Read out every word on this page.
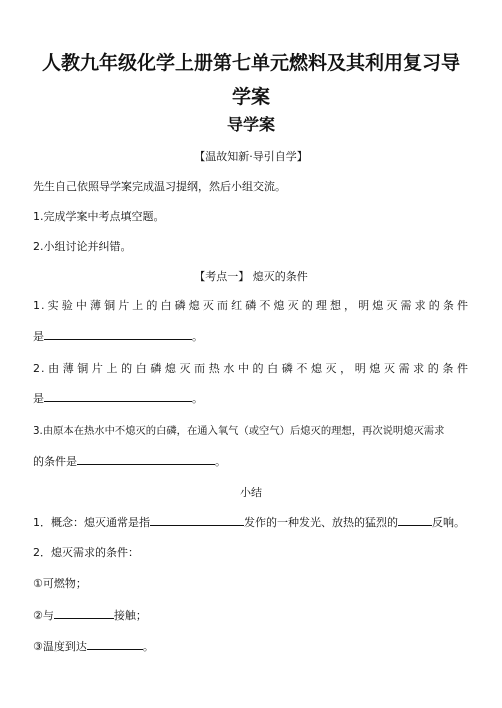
人教九年级化学上册第七单元燃料及其利用复习导
学案
导学案
【温故知新·导引自学】
先生自己依照导学案完成温习提纲，然后小组交流。
1.完成学案中考点填空题。
2.小组讨论并纠错。
【考点一】 熄灭的条件
1.实验中薄铜片上的白磷熄灭而红磷不熄灭的理想，明熄灭需求的条件
是	。
2.由薄铜片上的白磷熄灭而热水中的白磷不熄灭，明熄灭需求的条件
是	。
3.由原本在热水中不熄灭的白磷，在通入氧气（或空气）后熄灭的理想，再次说明熄灭需求
的条件是	。
小结
1．概念：熄灭通常是指	发作的一种发光、放热的猛烈的	反响。
2．熄灭需求的条件：
①可燃物；
②与	接触；
③温度到达	。
